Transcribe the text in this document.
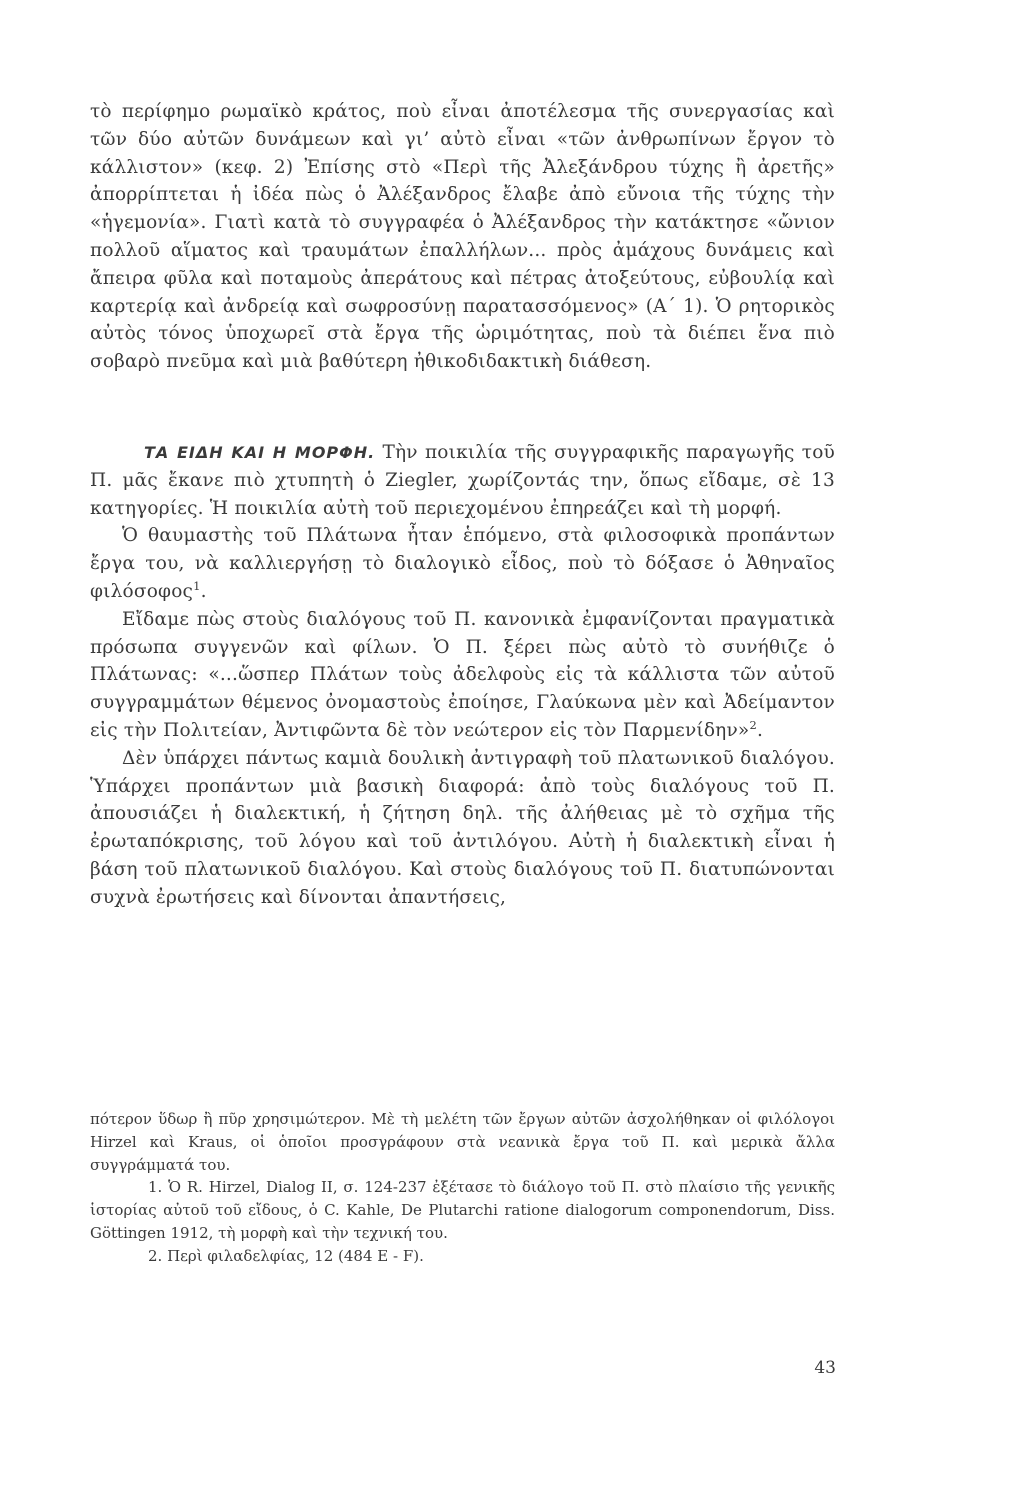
τὸ περίφημο ρωμαϊκὸ κράτος, ποὺ εἶναι ἀποτέλεσμα τῆς συνεργασίας καὶ τῶν δύο αὐτῶν δυνάμεων καὶ γι’ αὐτὸ εἶναι «τῶν ἀνθρωπίνων ἔργον τὸ κάλλιστον» (κεφ. 2) Ἐπίσης στὸ «Περὶ τῆς Ἀλεξάνδρου τύχης ἢ ἀρετῆς» ἀπορρίπτεται ἡ ἰδέα πὼς ὁ Ἀλέξανδρος ἔλαβε ἀπὸ εὔνοια τῆς τύχης τὴν «ἡγεμονία». Γιατὶ κατὰ τὸ συγγραφέα ὁ Ἀλέξανδρος τὴν κατάκτησε «ὤνιον πολλοῦ αἵματος καὶ τραυμάτων ἐπαλλήλων... πρὸς ἀμάχους δυνάμεις καὶ ἄπειρα φῦλα καὶ ποταμοὺς ἀπεράτους καὶ πέτρας ἀτοξεύτους, εὐβουλίᾳ καὶ καρτερίᾳ καὶ ἀνδρείᾳ καὶ σωφροσύνῃ παρατασσόμενος» (Α΄ 1). Ὁ ρητορικὸς αὐτὸς τόνος ὑποχωρεῖ στὰ ἔργα τῆς ὡριμότητας, ποὺ τὰ διέπει ἕνα πιὸ σοβαρὸ πνεῦμα καὶ μιὰ βαθύτερη ἠθικοδιδακτικὴ διάθεση.

ΤΑ ΕΙΔΗ ΚΑΙ Η ΜΟΡΦΗ. Τὴν ποικιλία τῆς συγγραφικῆς παραγωγῆς τοῦ Π. μᾶς ἔκανε πιὸ χτυπητὴ ὁ Ziegler, χωρίζοντάς την, ὅπως εἴδαμε, σὲ 13 κατηγορίες. Ἡ ποικιλία αὐτὴ τοῦ περιεχομένου ἐπηρεάζει καὶ τὴ μορφή.

Ὁ θαυμαστὴς τοῦ Πλάτωνα ἦταν ἑπόμενο, στὰ φιλοσοφικὰ προπάντων ἔργα του, νὰ καλλιεργήσῃ τὸ διαλογικὸ εἶδος, ποὺ τὸ δόξασε ὁ Ἀθηναῖος φιλόσοφος$^1$.

Εἴδαμε πὼς στοὺς διαλόγους τοῦ Π. κανονικὰ ἐμφανίζονται πραγματικὰ πρόσωπα συγγενῶν καὶ φίλων. Ὁ Π. ξέρει πὼς αὐτὸ τὸ συνήθιζε ὁ Πλάτωνας: «...ὥσπερ Πλάτων τοὺς ἀδελφοὺς εἰς τὰ κάλλιστα τῶν αὐτοῦ συγγραμμάτων θέμενος ὀνομαστοὺς ἐποίησε, Γλαύκωνα μὲν καὶ Ἀδείμαντον εἰς τὴν Πολιτείαν, Ἀντιφῶντα δὲ τὸν νεώτερον εἰς τὸν Παρμενίδην»$^2$.

Δὲν ὑπάρχει πάντως καμιὰ δουλικὴ ἀντιγραφὴ τοῦ πλατωνικοῦ διαλόγου. Ὑπάρχει προπάντων μιὰ βασικὴ διαφορά: ἀπὸ τοὺς διαλόγους τοῦ Π. ἀπουσιάζει ἡ διαλεκτική, ἡ ζήτηση δηλ. τῆς ἀλήθειας μὲ τὸ σχῆμα τῆς ἐρωταπόκρισης, τοῦ λόγου καὶ τοῦ ἀντιλόγου. Αὐτὴ ἡ διαλεκτικὴ εἶναι ἡ βάση τοῦ πλατωνικοῦ διαλόγου. Καὶ στοὺς διαλόγους τοῦ Π. διατυπώνονται συχνὰ ἐρωτήσεις καὶ δίνονται ἀπαντήσεις,

πότερον ὕδωρ ἢ πῦρ χρησιμώτερον. Μὲ τὴ μελέτη τῶν ἔργων αὐτῶν ἀσχολήθηκαν οἱ φιλόλογοι Hirzel καὶ Kraus, οἱ ὁποῖοι προσγράφουν στὰ νεανικὰ ἔργα τοῦ Π. καὶ μερικὰ ἄλλα συγγράμματά του.

1. Ὁ R. Hirzel, Dialog II, σ. 124-237 ἐξέτασε τὸ διάλογο τοῦ Π. στὸ πλαίσιο τῆς γενικῆς ἱστορίας αὐτοῦ τοῦ εἴδους, ὁ C. Kahle, De Plutarchi ratione dialogorum componendorum, Diss. Göttingen 1912, τὴ μορφὴ καὶ τὴν τεχνική του.

2. Περὶ φιλαδελφίας, 12 (484 E - F).

43
